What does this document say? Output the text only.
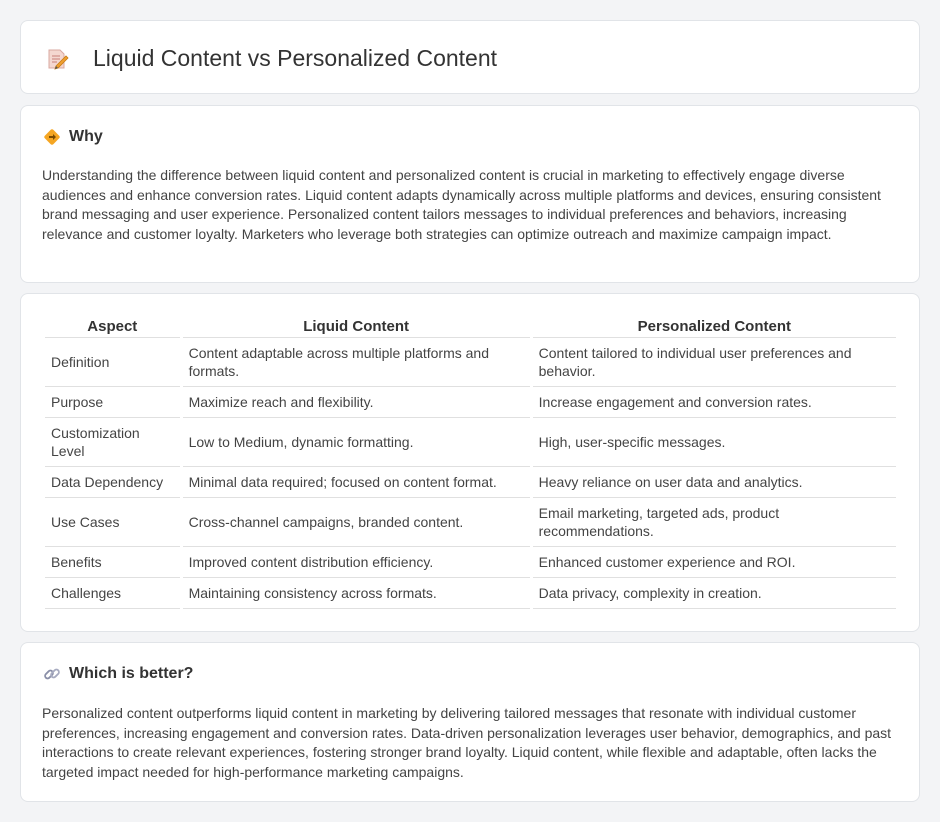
Liquid Content vs Personalized Content
Why

Understanding the difference between liquid content and personalized content is crucial in marketing to effectively engage diverse audiences and enhance conversion rates. Liquid content adapts dynamically across multiple platforms and devices, ensuring consistent brand messaging and user experience. Personalized content tailors messages to individual preferences and behaviors, increasing relevance and customer loyalty. Marketers who leverage both strategies can optimize outreach and maximize campaign impact.

Aspect	Liquid Content	Personalized Content
Definition	Content adaptable across multiple platforms and formats.	Content tailored to individual user preferences and behavior.
Purpose	Maximize reach and flexibility.	Increase engagement and conversion rates.
Customization Level	Low to Medium, dynamic formatting.	High, user-specific messages.
Data Dependency	Minimal data required; focused on content format.	Heavy reliance on user data and analytics.
Use Cases	Cross-channel campaigns, branded content.	Email marketing, targeted ads, product recommendations.
Benefits	Improved content distribution efficiency.	Enhanced customer experience and ROI.
Challenges	Maintaining consistency across formats.	Data privacy, complexity in creation.
Which is better?

Personalized content outperforms liquid content in marketing by delivering tailored messages that resonate with individual customer preferences, increasing engagement and conversion rates. Data-driven personalization leverages user behavior, demographics, and past interactions to create relevant experiences, fostering stronger brand loyalty. Liquid content, while flexible and adaptable, often lacks the targeted impact needed for high-performance marketing campaigns.
